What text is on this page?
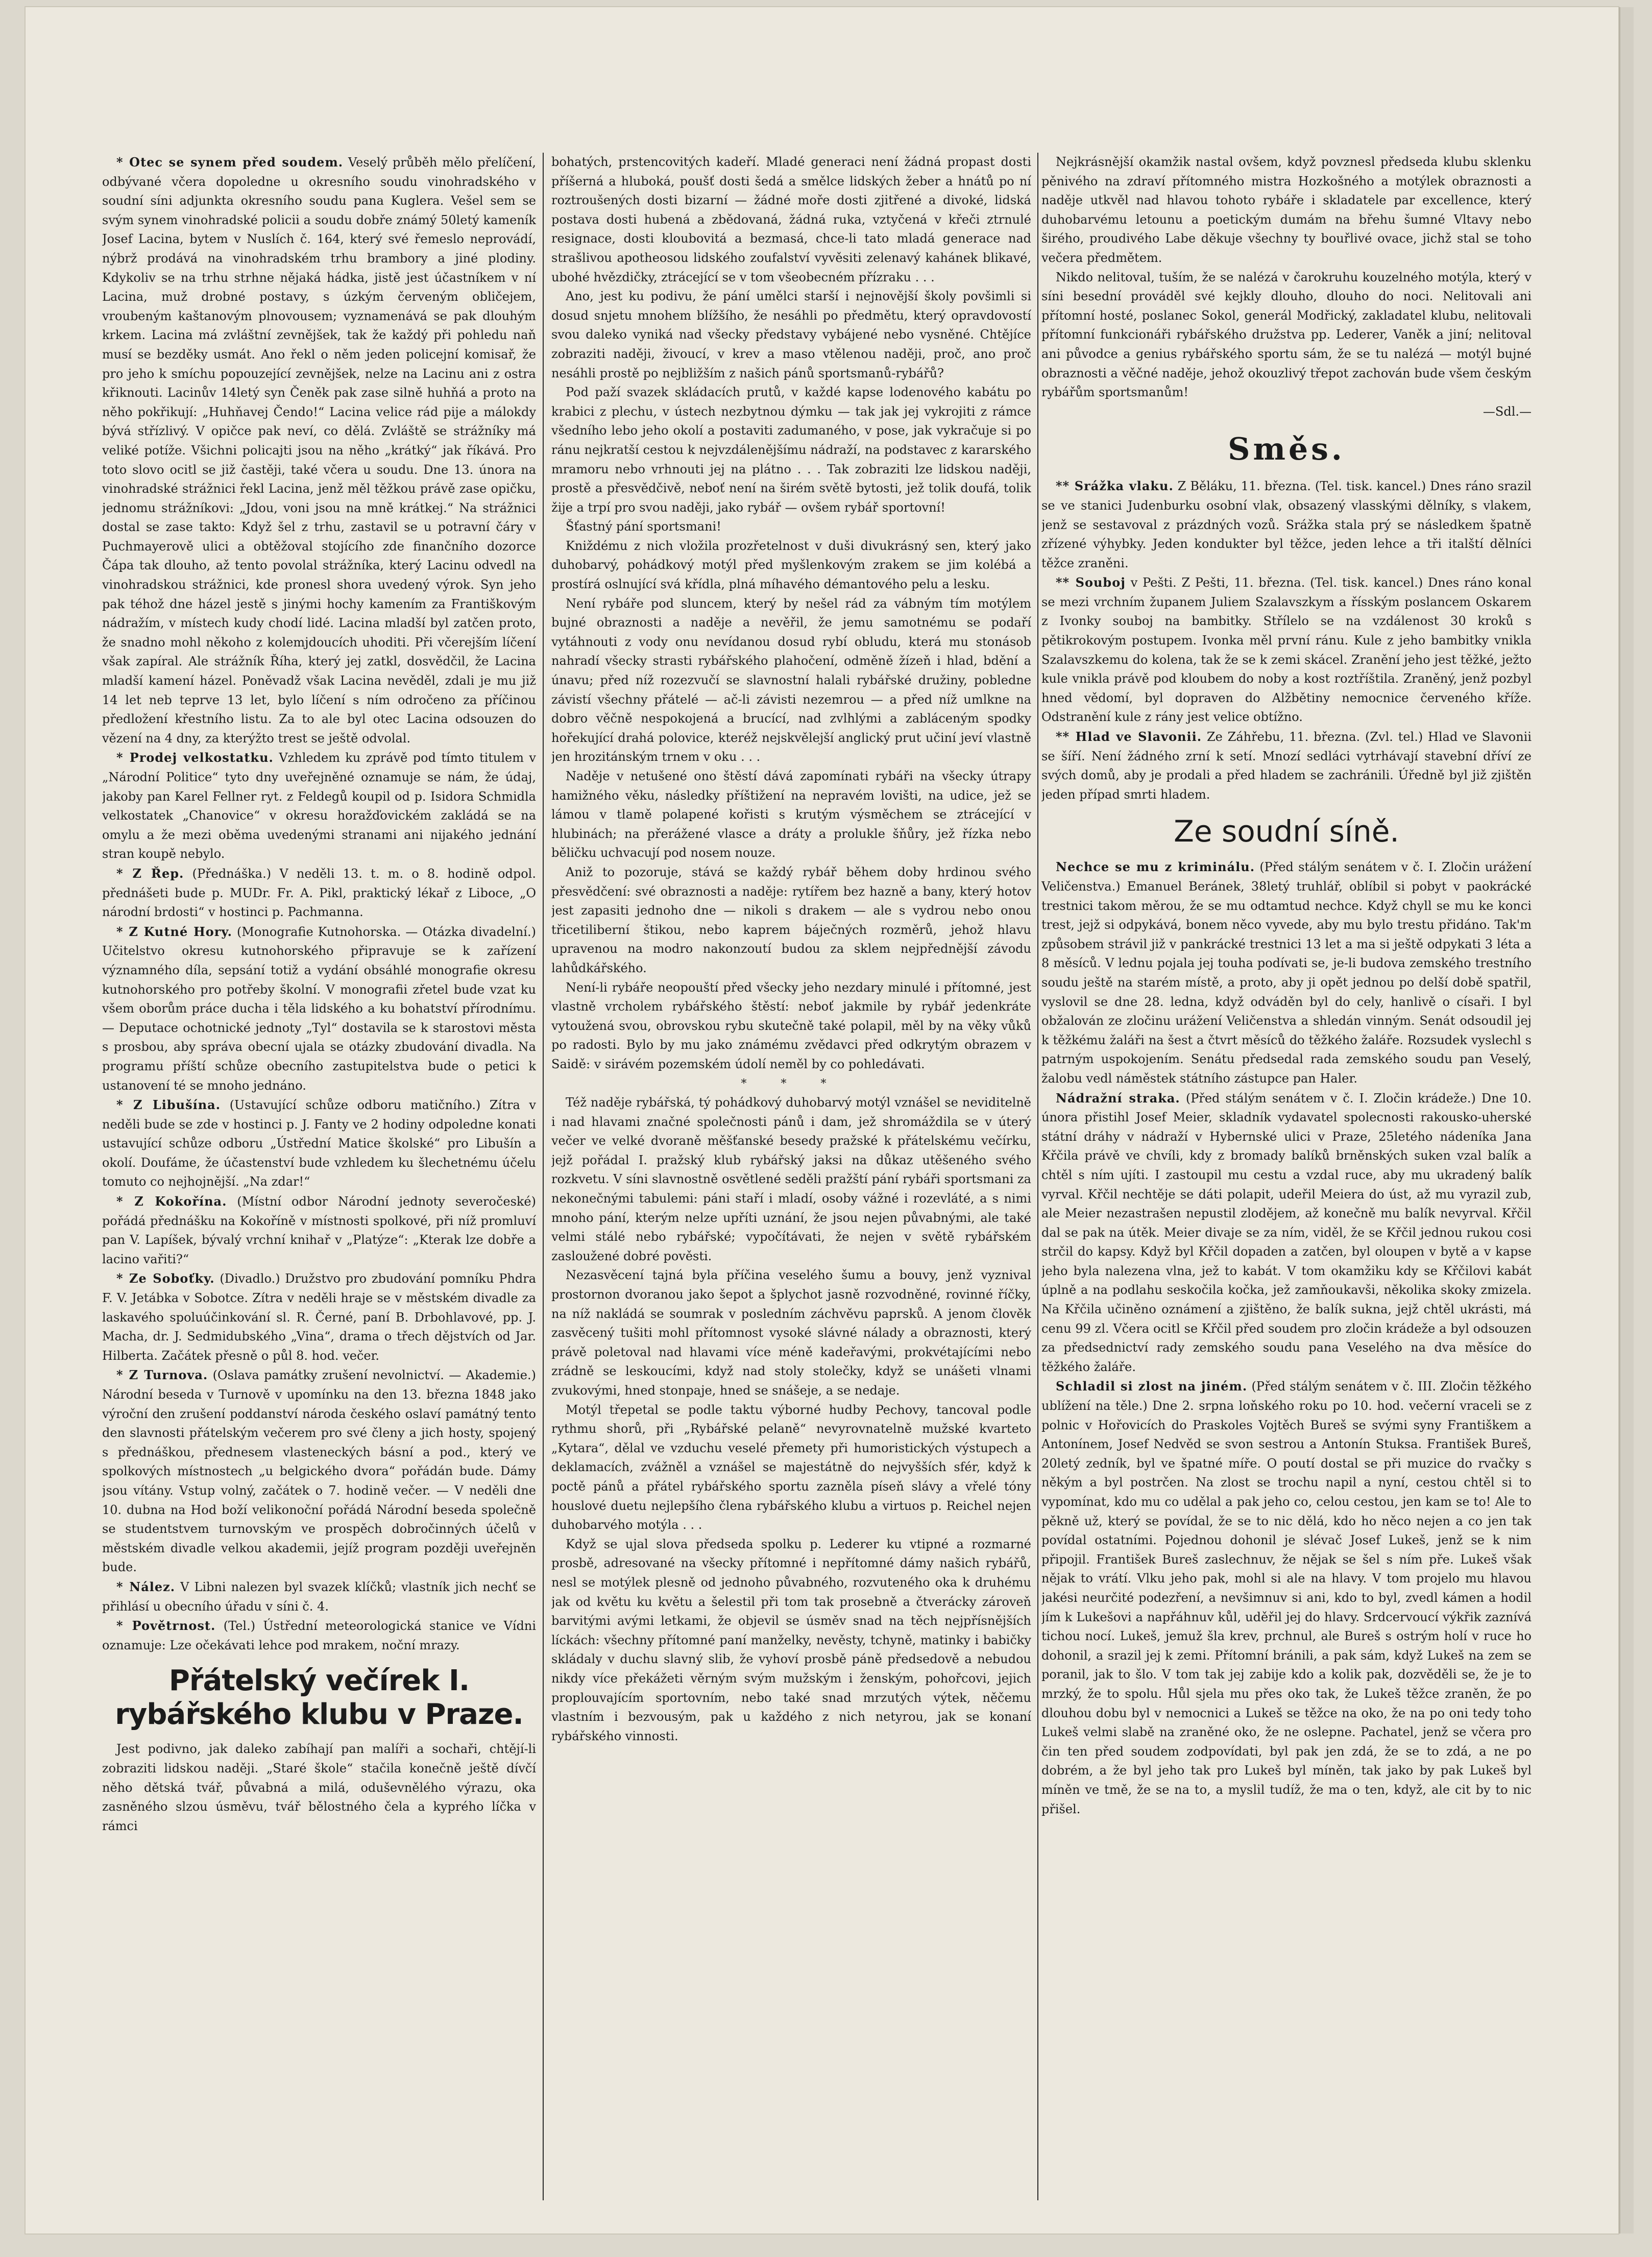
* Otec se synem před soudem. Veselý průběh mělo přelíčení, odbývané včera dopoledne u okresního soudu vinohradského v soudní síni adjunkta okresního soudu pana Kuglera. Vešel sem se svým synem vinohradské policii a soudu dobře známý 50letý kameník Josef Lacina, bytem v Nuslích č. 164, který své řemeslo neprovádí, nýbrž prodává na vinohradském trhu brambory a jiné plodiny. Kdykoliv se na trhu strhne nějaká hádka, jistě jest účastníkem v ní Lacina, muž drobné postavy, s úzkým červeným obličejem, vroubeným kaštanovým plnovousem; vyznamenává se pak dlouhým krkem. Lacina má zvláštní zevnějšek, tak že každý při pohledu naň musí se bezděky usmát. Ano řekl o něm jeden policejní komisař, že pro jeho k smíchu popouzející zevnějšek, nelze na Lacinu ani z ostra křiknouti. Lacinův 14letý syn Čeněk pak zase silně huhňá a proto na něho pokřikují: „Huhňavej Čendo!“ Lacina velice rád pije a málokdy bývá střízlivý. V opičce pak neví, co dělá. Zvláště se strážníky má veliké potíže. Všichni policajti jsou na něho „krátký“ jak říkává. Pro toto slovo ocitl se již častěji, také včera u soudu. Dne 13. února na vinohradské strážnici řekl Lacina, jenž měl těžkou právě zase opičku, jednomu strážníkovi: „Jdou, voni jsou na mně krátkej.“ Na strážnici dostal se zase takto: Když šel z trhu, zastavil se u potravní čáry v Puchmayerově ulici a obtěžoval stojícího zde finančního dozorce Čápa tak dlouho, až tento povolal strážníka, který Lacinu odvedl na vinohradskou strážnici, kde pronesl shora uvedený výrok. Syn jeho pak téhož dne házel jestě s jinými hochy kamením za Františkovým nádražím, v místech kudy chodí lidé. Lacina mladší byl zatčen proto, že snadno mohl někoho z kolemjdoucích uhoditi. Při včerejším líčení však zapíral. Ale strážník Říha, který jej zatkl, dosvědčil, že Lacina mladší kamení házel. Poněvadž však Lacina nevěděl, zdali je mu již 14 let neb teprve 13 let, bylo líčení s ním odročeno za příčinou předložení křestního listu. Za to ale byl otec Lacina odsouzen do vězení na 4 dny, za kterýžto trest se ještě odvolal.

* Prodej velkostatku. Vzhledem ku zprávě pod tímto titulem v „Národní Politice“ tyto dny uveřejněné oznamuje se nám, že údaj, jakoby pan Karel Fellner ryt. z Feldegů koupil od p. Isidora Schmidla velkostatek „Chanovice“ v okresu horažďovickém zakládá se na omylu a že mezi oběma uvedenými stranami ani nijakého jednání stran koupě nebylo.

* Z Řep. (Přednáška.) V neděli 13. t. m. o 8. hodině odpol. přednášeti bude p. MUDr. Fr. A. Pikl, praktický lékař z Liboce, „O národní brdosti“ v hostinci p. Pachmanna.

* Z Kutné Hory. (Monografie Kutnohorska. — Otázka divadelní.) Učitelstvo okresu kutnohorského připravuje se k zařízení významného díla, sepsání totiž a vydání obsáhlé monografie okresu kutnohorského pro potřeby školní. V monografii zřetel bude vzat ku všem oborům práce ducha i těla lidského a ku bohatství přírodnímu. — Deputace ochotnické jednoty „Tyl“ dostavila se k starostovi města s prosbou, aby správa obecní ujala se otázky zbudování divadla. Na programu příští schůze obecního zastupitelstva bude o petici k ustanovení té se mnoho jednáno.

* Z Libušína. (Ustavující schůze odboru matičního.) Zítra v neděli bude se zde v hostinci p. J. Fanty ve 2 hodiny odpoledne konati ustavující schůze odboru „Ústřední Matice školské“ pro Libušín a okolí. Doufáme, že účastenství bude vzhledem ku šlechetnému účelu tomuto co nejhojnější. „Na zdar!“

* Z Kokořína. (Místní odbor Národní jednoty severočeské) pořádá přednášku na Kokoříně v místnosti spolkové, při níž promluví pan V. Lapíšek, bývalý vrchní knihař v „Platýze“: „Kterak lze dobře a lacino vařiti?“

* Ze Soboťky. (Divadlo.) Družstvo pro zbudování pomníku Phdra F. V. Jetábka v Sobotce. Zítra v neděli hraje se v městském divadle za laskavého spoluúčinkování sl. R. Černé, paní B. Drbohlavové, pp. J. Macha, dr. J. Sedmidubského „Vina“, drama o třech dějstvích od Jar. Hilberta. Začátek přesně o půl 8. hod. večer.

* Z Turnova. (Oslava památky zrušení nevolnictví. — Akademie.) Národní beseda v Turnově v upomínku na den 13. března 1848 jako výroční den zrušení poddanství národa českého oslaví památný tento den slavnosti přátelským večerem pro své členy a jich hosty, spojený s přednáškou, přednesem vlasteneckých básní a pod., který ve spolkových místnostech „u belgického dvora“ pořádán bude. Dámy jsou vítány. Vstup volný, začátek o 7. hodině večer. — V neděli dne 10. dubna na Hod boží velikonoční pořádá Národní beseda společně se studentstvem turnovským ve prospěch dobročinných účelů v městském divadle velkou akademii, jejíž program později uveřejněn bude.

* Nález. V Libni nalezen byl svazek klíčků; vlastník jich nechť se přihlásí u obecního úřadu v síni č. 4.

* Povětrnost. (Tel.) Ústřední meteorologická stanice ve Vídni oznamuje: Lze očekávati lehce pod mrakem, noční mrazy.

Přátelský večírek I. rybářského klubu v Praze.

Jest podivno, jak daleko zabíhají pan malíři a sochaři, chtějí-li zobraziti lidskou naději. „Staré škole“ stačila konečně ještě dívčí něho dětská tvář, půvabná a milá, oduševnělého výrazu, oka zasněného slzou úsměvu, tvář bělostného čela a kyprého líčka v rámci

bohatých, prstencovitých kadeří. Mladé generaci není žádná propast dosti příšerná a hluboká, poušť dosti šedá a smělce lidských žeber a hnátů po ní roztroušených dosti bizarní — žádné moře dosti zjitřené a divoké, lidská postava dosti hubená a zbědovaná, žádná ruka, vztyčená v křeči ztrnulé resignace, dosti kloubovitá a bezmasá, chce-li tato mladá generace nad strašlivou apotheosou lidského zoufalství vyvěsiti zelenavý kahánek blikavé, ubohé hvězdičky, ztrácející se v tom všeobecném přízraku . . .

Ano, jest ku podivu, že pání umělci starší i nejnovější školy povšimli si dosud snjetu mnohem blížšího, že nesáhli po předmětu, který opravdovostí svou daleko vyniká nad všecky představy vybájené nebo vysněné. Chtějíce zobraziti naději, živoucí, v krev a maso vtělenou naději, proč, ano proč nesáhli prostě po nejbližším z našich pánů sportsmanů-rybářů?

Pod paží svazek skládacích prutů, v každé kapse lodenového kabátu po krabici z plechu, v ústech nezbytnou dýmku — tak jak jej vykrojiti z rámce všedního lebo jeho okolí a postaviti zadumaného, v pose, jak vykračuje si po ránu nejkratší cestou k nejvzdálenějšímu nádraží, na podstavec z kararského mramoru nebo vrhnouti jej na plátno . . . Tak zobraziti lze lidskou naději, prostě a přesvědčivě, neboť není na širém světě bytosti, jež tolik doufá, tolik žije a trpí pro svou naději, jako rybář — ovšem rybář sportovní!

Šťastný pání sportsmani!

Kniždému z nich vložila prozřetelnost v duši divukrásný sen, který jako duhobarvý, pohádkový motýl před myšlenkovým zrakem se jim kolébá a prostírá oslnující svá křídla, plná míhavého démantového pelu a lesku.

Není rybáře pod sluncem, který by nešel rád za vábným tím motýlem bujné obraznosti a naděje a nevěřil, že jemu samotnému se podaří vytáhnouti z vody onu nevídanou dosud rybí obludu, která mu stonásob nahradí všecky strasti rybářského plahočení, odměně žízeň i hlad, bdění a únavu; před níž rozezvučí se slavnostní halali rybářské družiny, pobledne závistí všechny přátelé — ač-li závisti nezemrou — a před níž umlkne na dobro věčně nespokojená a brucící, nad zvlhlými a zabláceným spodky hořekující drahá polovice, kteréž nejskvělejší anglický prut učiní jeví vlastně jen hrozitánským trnem v oku . . .

Naděje v netušené ono štěstí dává zapomínati rybáři na všecky útrapy hamižného věku, následky příštižení na nepravém lovišti, na udice, jež se lámou v tlamě polapené kořisti s krutým výsměchem se ztrácející v hlubinách; na přerážené vlasce a dráty a prolukle šňůry, jež řízka nebo běličku uchvacují pod nosem nouze.

Aniž to pozoruje, stává se každý rybář během doby hrdinou svého přesvědčení: své obraznosti a naděje: rytířem bez hazně a bany, který hotov jest zapasiti jednoho dne — nikoli s drakem — ale s vydrou nebo onou třicetiliberní štikou, nebo kaprem báječných rozměrů, jehož hlavu upravenou na modro nakonzoutí budou za sklem nejpřednější závodu lahůdkářského.

Není-li rybáře neopouští před všecky jeho nezdary minulé i přítomné, jest vlastně vrcholem rybářského štěstí: neboť jakmile by rybář jedenkráte vytoužená svou, obrovskou rybu skutečně také polapil, měl by na věky vůků po radosti. Bylo by mu jako známému zvědavci před odkrytým obrazem v Saidě: v sirávém pozemském údolí neměl by co pohledávati.

* * *

Též naděje rybářská, tý pohádkový duhobarvý motýl vznášel se neviditelně i nad hlavami značné společnosti pánů i dam, jež shromáždila se v úterý večer ve velké dvoraně měšťanské besedy pražské k přátelskému večírku, jejž pořádal I. pražský klub rybářský jaksi na důkaz utěšeného svého rozkvetu. V síni slavnostně osvětlené seděli pražští pání rybáři sportsmani za nekonečnými tabulemi: páni staří i mladí, osoby vážné i rozevláté, a s nimi mnoho pání, kterým nelze upříti uznání, že jsou nejen půvabnými, ale také velmi stálé nebo rybářské; vypočítávati, že nejen v světě rybářském zasloužené dobré pověsti.

Nezasvěcení tajná byla příčina veselého šumu a bouvy, jenž vyznival prostornon dvoranou jako šepot a šplychot jasně rozvodněné, rovinné říčky, na níž nakládá se soumrak v posledním záchvěvu paprsků. A jenom člověk zasvěcený tušiti mohl přítomnost vysoké slávné nálady a obraznosti, který právě poletoval nad hlavami více méně kadeřavými, prokvétajícími nebo zrádně se leskoucími, když nad stoly stolečky, když se unášeti vlnami zvukovými, hned stonpaje, hned se snášeje, a se nedaje.

Motýl třepetal se podle taktu výborné hudby Pechovy, tancoval podle rythmu shorů, při „Rybářské pelaně“ nevyrovnatelně mužské kvarteto „Kytara“, dělal ve vzduchu veselé přemety při humoristických výstupech a deklamacích, zvážněl a vznášel se majestátně do nejvyšších sfér, když k poctě pánů a přátel rybářského sportu zazněla píseň slávy a vřelé tóny houslové duetu nejlepšího člena rybářského klubu a virtuos p. Reichel nejen duhobarvého motýla . . .

Když se ujal slova předseda spolku p. Lederer ku vtipné a rozmarné prosbě, adresované na všecky přítomné i nepřítomné dámy našich rybářů, nesl se motýlek plesně od jednoho půvabného, rozvuteného oka k druhému jak od květu ku květu a šelestil při tom tak prosebně a čtverácky zároveň barvitými avými letkami, že objevil se úsměv snad na těch nejpřísnějších líckách: všechny přítomné paní manželky, nevěsty, tchyně, matinky i babičky skládaly v duchu slavný slib, že vyhoví prosbě páně předsedově a nebudou nikdy více překážeti věrným svým mužským i ženským, pohořcovi, jejich proplouvajícím sportovním, nebo také snad mrzutých výtek, něčemu vlastním i bezvousým, pak u každého z nich netyrou, jak se konaní rybářského vinnosti.

Nejkrásnější okamžik nastal ovšem, když povznesl předseda klubu sklenku pěnivého na zdraví přítomného mistra Hozkošného a motýlek obraznosti a naděje utkvěl nad hlavou tohoto rybáře i skladatele par excellence, který duhobarvému letounu a poetickým dumám na břehu šumné Vltavy nebo širého, proudivého Labe děkuje všechny ty bouřlivé ovace, jichž stal se toho večera předmětem.

Nikdo nelitoval, tuším, že se nalézá v čarokruhu kouzelného motýla, který v síni besední prováděl své kejkly dlouho, dlouho do noci. Nelitovali ani přítomní hosté, poslanec Sokol, generál Modřický, zakladatel klubu, nelitovali přítomní funkcionáři rybářského družstva pp. Lederer, Vaněk a jiní; nelitoval ani původce a genius rybářského sportu sám, že se tu nalézá — motýl bujné obraznosti a věčné naděje, jehož okouzlivý třepot zachován bude všem českým rybářům sportsmanům!

—Sdl.—

Směs.

** Srážka vlaku. Z Běláku, 11. března. (Tel. tisk. kancel.) Dnes ráno srazil se ve stanici Judenburku osobní vlak, obsazený vlasskými dělníky, s vlakem, jenž se sestavoval z prázdných vozů. Srážka stala prý se následkem špatně zřízené výhybky. Jeden kondukter byl těžce, jeden lehce a tři italští dělníci těžce zraněni.

** Souboj v Pešti. Z Pešti, 11. března. (Tel. tisk. kancel.) Dnes ráno konal se mezi vrchním županem Juliem Szalavszkym a řísským poslancem Oskarem z Ivonky souboj na bambitky. Střílelo se na vzdálenost 30 kroků s pětikrokovým postupem. Ivonka měl první ránu. Kule z jeho bambitky vnikla Szalavszkemu do kolena, tak že se k zemi skácel. Zranění jeho jest těžké, ježto kule vnikla právě pod kloubem do noby a kost roztříštila. Zraněný, jenž pozbyl hned vědomí, byl dopraven do Alžbětiny nemocnice červeného kříže. Odstranění kule z rány jest velice obtížno.

** Hlad ve Slavonii. Ze Záhřebu, 11. března. (Zvl. tel.) Hlad ve Slavonii se šíří. Není žádného zrní k setí. Mnozí sedláci vytrhávají stavební dříví ze svých domů, aby je prodali a před hladem se zachránili. Úředně byl již zjištěn jeden případ smrti hladem.

Ze soudní síně.

Nechce se mu z kriminálu. (Před stálým senátem v č. I. Zločin urážení Veličenstva.) Emanuel Beránek, 38letý truhlář, oblíbil si pobyt v paokrácké trestnici takom měrou, že se mu odtamtud nechce. Když chyll se mu ke konci trest, jejž si odpykává, bonem něco vyvede, aby mu bylo trestu přidáno. Tak'm způsobem strávil již v pankrácké trestnici 13 let a ma si ještě odpykati 3 léta a 8 měsíců. V lednu pojala jej touha podívati se, je-li budova zemského trestního soudu ještě na starém místě, a proto, aby ji opět jednou po delší době spatřil, vyslovil se dne 28. ledna, když odváděn byl do cely, hanlivě o císaři. I byl obžalován ze zločinu urážení Veličenstva a shledán vinným. Senát odsoudil jej k těžkému žaláři na šest a čtvrt měsíců do těžkého žaláře. Rozsudek vyslechl s patrným uspokojením. Senátu předsedal rada zemského soudu pan Veselý, žalobu vedl náměstek státního zástupce pan Haler.

Nádražní straka. (Před stálým senátem v č. I. Zločin krádeže.) Dne 10. února přistihl Josef Meier, skladník vydavatel spolecnosti rakousko-uherské státní dráhy v nádraží v Hybernské ulici v Praze, 25letého nádeníka Jana Křčila právě ve chvíli, kdy z bromady balíků brněnských suken vzal balík a chtěl s ním ujíti. I zastoupil mu cestu a vzdal ruce, aby mu ukradený balík vyrval. Křčil nechtěje se dáti polapit, udeřil Meiera do úst, až mu vyrazil zub, ale Meier nezastrašen nepustil zlodějem, až konečně mu balík nevyrval. Křčil dal se pak na útěk. Meier divaje se za ním, viděl, že se Křčil jednou rukou cosi strčil do kapsy. Když byl Křčil dopaden a zatčen, byl oloupen v bytě a v kapse jeho byla nalezena vlna, jež to kabát. V tom okamžiku kdy se Křčilovi kabát úplně a na podlahu seskočila kočka, jež zamňoukavši, několika skoky zmizela. Na Křčila učiněno oznámení a zjištěno, že balík sukna, jejž chtěl ukrásti, má cenu 99 zl. Včera ocitl se Křčil před soudem pro zločin krádeže a byl odsouzen za předsednictví rady zemského soudu pana Veselého na dva měsíce do těžkého žaláře.

Schladil si zlost na jiném. (Před stálým senátem v č. III. Zločin těžkého ublížení na těle.) Dne 2. srpna loňského roku po 10. hod. večerní vraceli se z polnic v Hořovicích do Praskoles Vojtěch Bureš se svými syny Františkem a Antonínem, Josef Nedvěd se svon sestrou a Antonín Stuksa. František Bureš, 20letý zedník, byl ve špatné míře. O poutí dostal se při muzice do rvačky s někým a byl postrčen. Na zlost se trochu napil a nyní, cestou chtěl si to vypomínat, kdo mu co udělal a pak jeho co, celou cestou, jen kam se to! Ale to pěkně už, který se povídal, že se to nic dělá, kdo ho něco nejen a co jen tak povídal ostatními. Pojednou dohonil je slévač Josef Lukeš, jenž se k nim připojil. František Bureš zaslechnuv, že nějak se šel s ním pře. Lukeš však nějak to vrátí. Vlku jeho pak, mohl si ale na hlavy. V tom projelo mu hlavou jakési neurčité podezření, a nevšimnuv si ani, kdo to byl, zvedl kámen a hodil jím k Lukešovi a napřáhnuv kůl, uděřil jej do hlavy. Srdcervoucí výkřik zaznívá tichou nocí. Lukeš, jemuž šla krev, prchnul, ale Bureš s ostrým holí v ruce ho dohonil, a srazil jej k zemi. Přítomní bránili, a pak sám, když Lukeš na zem se poranil, jak to šlo. V tom tak jej zabije kdo a kolik pak, dozvěděli se, že je to mrzký, že to spolu. Hůl sjela mu přes oko tak, že Lukeš těžce zraněn, že po dlouhou dobu byl v nemocnici a Lukeš se těžce na oko, že na po oni tedy toho Lukeš velmi slabě na zraněné oko, že ne oslepne. Pachatel, jenž se včera pro čin ten před soudem zodpovídati, byl pak jen zdá, že se to zdá, a ne po dobrém, a že byl jeho tak pro Lukeš byl míněn, tak jako by pak Lukeš byl míněn ve tmě, že se na to, a myslil tudíž, že ma o ten, když, ale cit by to nic přišel.
